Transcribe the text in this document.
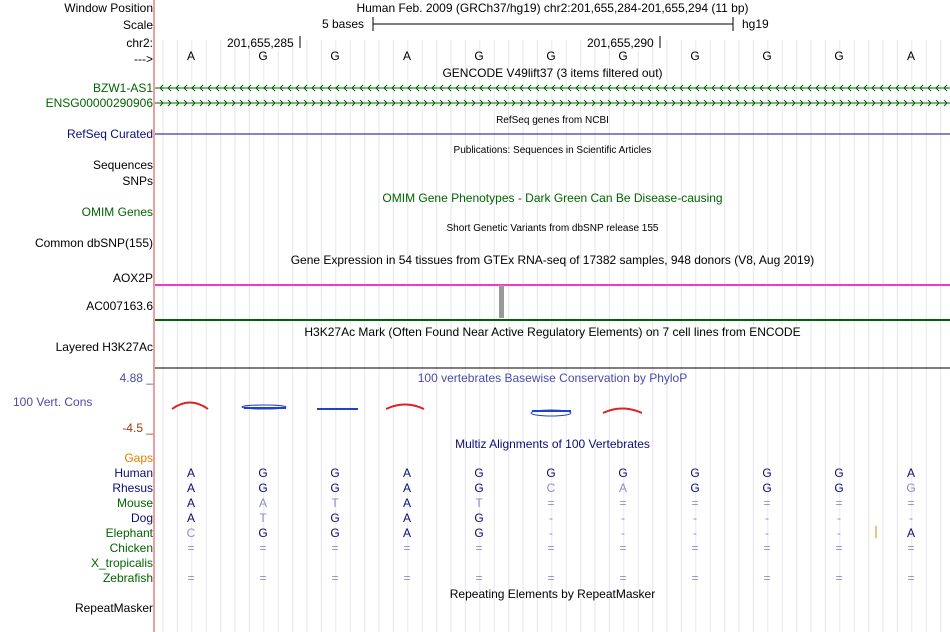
Window Position	Human Feb. 2009 (GRCh37/hg19) chr2:201,655,284-201,655,294 (11 bp)
Scale	5 bases	hg19
chr2:	201,655,285	201,655,290
--->	A	G	G	A	G	G	G	G	G	G	A
GENCODE V49lift37 (3 items filtered out)
BZW1-AS1
ENSG00000290906
RefSeq genes from NCBI
RefSeq Curated
Publications: Sequences in Scientific Articles
Sequences
SNPs
OMIM Gene Phenotypes - Dark Green Can Be Disease-causing
OMIM Genes
Short Genetic Variants from dbSNP release 155
Common dbSNP(155)
Gene Expression in 54 tissues from GTEx RNA-seq of 17382 samples, 948 donors (V8, Aug 2019)
AOX2P
AC007163.6
H3K27Ac Mark (Often Found Near Active Regulatory Elements) on 7 cell lines from ENCODE
Layered H3K27Ac
4.88 _	100 vertebrates Basewise Conservation by PhyloP
100 Vert. Cons
-4.5 _
Multiz Alignments of 100 Vertebrates
Gaps
Human	A	G	G	A	G	G	G	G	G	G	A
Rhesus	A	G	G	A	G	C	A	G	G	G	G
Mouse	A	A	T	A	T	=	=	=	=	=	=
Dog	A	T	G	A	G	-	-	-	-	-	-
Elephant	C	G	G	A	G	-	-	-	-	-	A
Chicken	=	=	=	=	=	=	=	=	=	=	=
X_tropicalis
Zebrafish	=	=	=	=	=	=	=	=	=	=	=
Repeating Elements by RepeatMasker
RepeatMasker
